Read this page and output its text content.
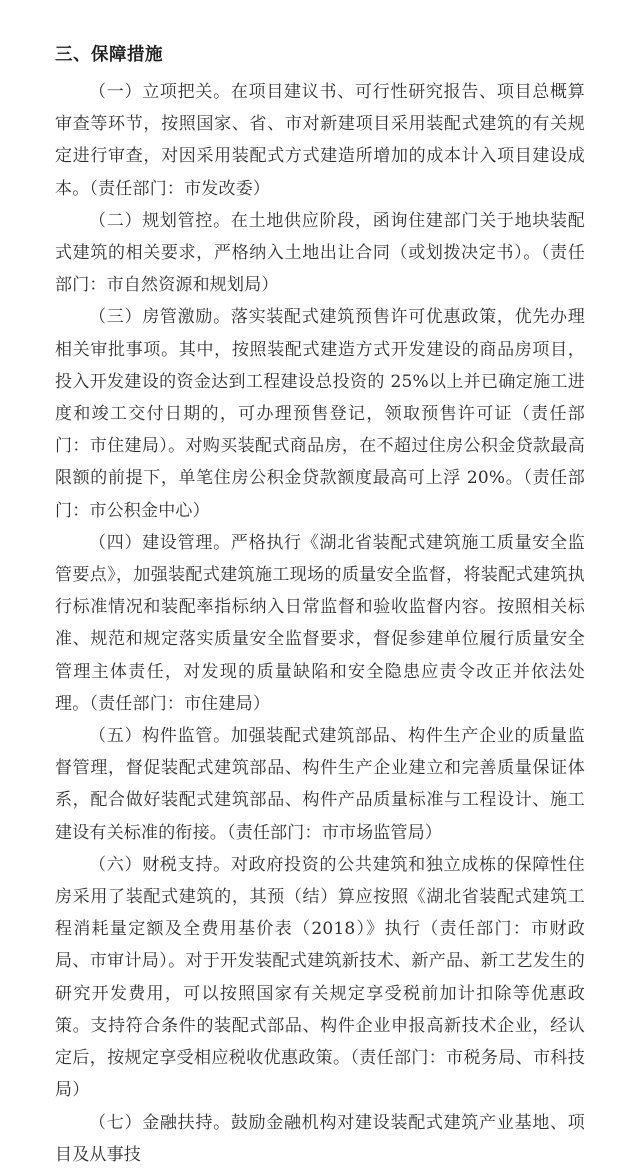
三、保障措施

（一）立项把关。在项目建议书、可行性研究报告、项目总概算审查等环节，按照国家、省、市对新建项目采用装配式建筑的有关规定进行审查，对因采用装配式方式建造所增加的成本计入项目建设成本。（责任部门：市发改委）

（二）规划管控。在土地供应阶段，函询住建部门关于地块装配式建筑的相关要求，严格纳入土地出让合同（或划拨决定书）。（责任部门：市自然资源和规划局）

（三）房管激励。落实装配式建筑预售许可优惠政策，优先办理相关审批事项。其中，按照装配式建造方式开发建设的商品房项目，投入开发建设的资金达到工程建设总投资的 25%以上并已确定施工进度和竣工交付日期的，可办理预售登记，领取预售许可证（责任部门：市住建局）。对购买装配式商品房，在不超过住房公积金贷款最高限额的前提下，单笔住房公积金贷款额度最高可上浮 20%。（责任部门：市公积金中心）

（四）建设管理。严格执行《湖北省装配式建筑施工质量安全监管要点》，加强装配式建筑施工现场的质量安全监督，将装配式建筑执行标准情况和装配率指标纳入日常监督和验收监督内容。按照相关标准、规范和规定落实质量安全监督要求，督促参建单位履行质量安全管理主体责任，对发现的质量缺陷和安全隐患应责令改正并依法处理。（责任部门：市住建局）

（五）构件监管。加强装配式建筑部品、构件生产企业的质量监督管理，督促装配式建筑部品、构件生产企业建立和完善质量保证体系，配合做好装配式建筑部品、构件产品质量标准与工程设计、施工建设有关标准的衔接。（责任部门：市市场监管局）

（六）财税支持。对政府投资的公共建筑和独立成栋的保障性住房采用了装配式建筑的，其预（结）算应按照《湖北省装配式建筑工程消耗量定额及全费用基价表（2018）》执行（责任部门：市财政局、市审计局）。对于开发装配式建筑新技术、新产品、新工艺发生的研究开发费用，可以按照国家有关规定享受税前加计扣除等优惠政策。支持符合条件的装配式部品、构件企业申报高新技术企业，经认定后，按规定享受相应税收优惠政策。（责任部门：市税务局、市科技局）

（七）金融扶持。鼓励金融机构对建设装配式建筑产业基地、项目及从事技
